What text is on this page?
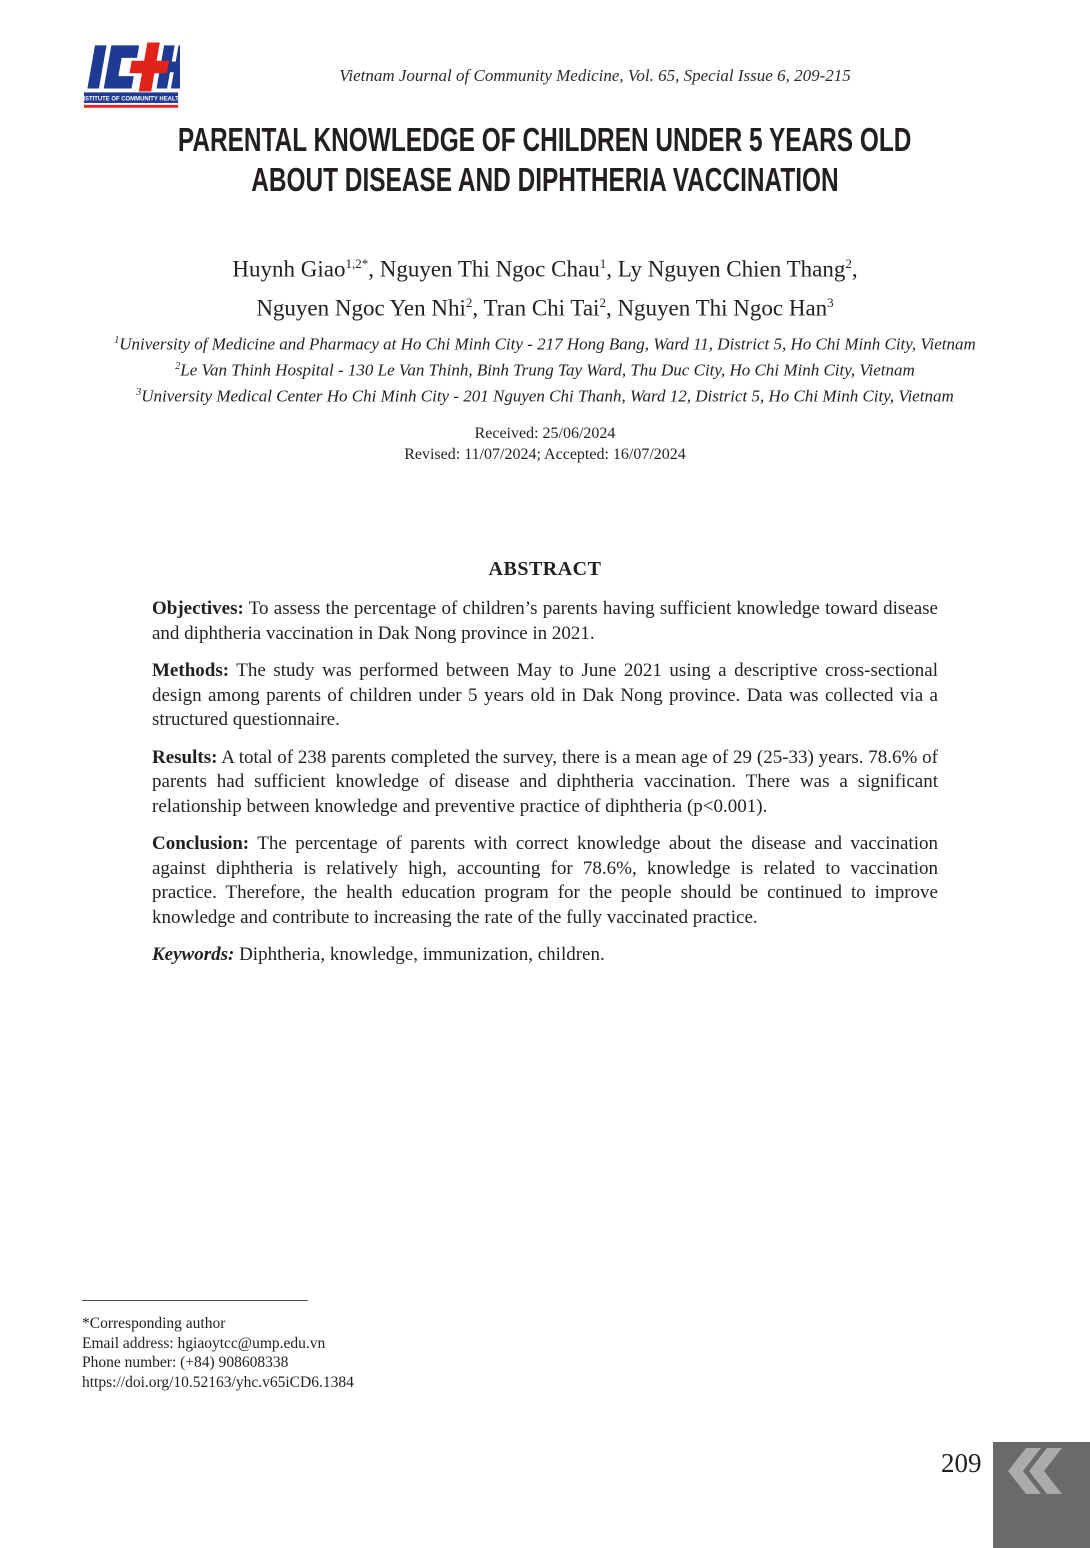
INSTITUTE OF COMMUNITY HEALTH
Vietnam Journal of Community Medicine, Vol. 65, Special Issue 6, 209-215
PARENTAL KNOWLEDGE OF CHILDREN UNDER 5 YEARS OLD
ABOUT DISEASE AND DIPHTHERIA VACCINATION
Huynh Giao$^{1,2*}$, Nguyen Thi Ngoc Chau$^1$, Ly Nguyen Chien Thang$^2$,
Nguyen Ngoc Yen Nhi$^2$, Tran Chi Tai$^2$, Nguyen Thi Ngoc Han$^3$
$^1$University of Medicine and Pharmacy at Ho Chi Minh City - 217 Hong Bang, Ward 11, District 5, Ho Chi Minh City, Vietnam
$^2$Le Van Thinh Hospital - 130 Le Van Thinh, Binh Trung Tay Ward, Thu Duc City, Ho Chi Minh City, Vietnam
$^3$University Medical Center Ho Chi Minh City - 201 Nguyen Chi Thanh, Ward 12, District 5, Ho Chi Minh City, Vietnam
Received: 25/06/2024
Revised: 11/07/2024; Accepted: 16/07/2024
ABSTRACT

Objectives: To assess the percentage of children’s parents having sufficient knowledge toward disease and diphtheria vaccination in Dak Nong province in 2021.

Methods: The study was performed between May to June 2021 using a descriptive cross-sectional design among parents of children under 5 years old in Dak Nong province. Data was collected via a structured questionnaire.

Results: A total of 238 parents completed the survey, there is a mean age of 29 (25-33) years. 78.6% of parents had sufficient knowledge of disease and diphtheria vaccination. There was a significant relationship between knowledge and preventive practice of diphtheria (p<0.001).

Conclusion: The percentage of parents with correct knowledge about the disease and vaccination against diphtheria is relatively high, accounting for 78.6%, knowledge is related to vaccination practice. Therefore, the health education program for the people should be continued to improve knowledge and contribute to increasing the rate of the fully vaccinated practice.

Keywords: Diphtheria, knowledge, immunization, children.

*Corresponding author
Email address: hgiaoytcc@ump.edu.vn
Phone number: (+84) 908608338
https://doi.org/10.52163/yhc.v65iCD6.1384
209
